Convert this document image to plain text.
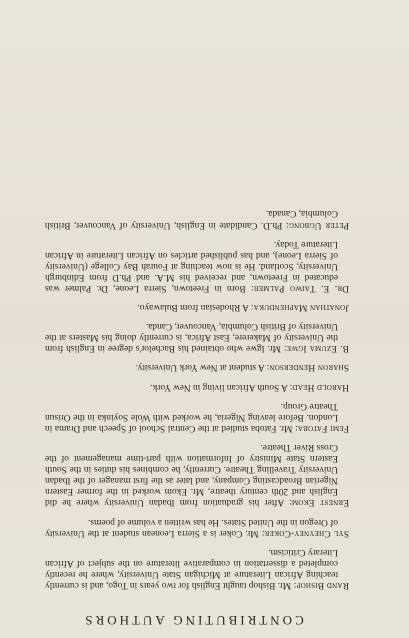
CONTRIBUTING AUTHORS

Rand Bishop: Mr. Bishop taught English for two years in Togo, and is currently teaching African Literature at Michigan State University, where he recently completed a dissertation in comparative literature on the subject of African Literary Criticism.

Syl Cheyney-Coker: Mr. Coker is a Sierra Leonean student at the University of Oregon in the United States. He has written a volume of poems.

Ernest Ekom: After his graduation from Ibadan University where he did English and 20th century theatre, Mr. Ekom worked in the former Eastern Nigerian Broadcasting Company, and later as the first manager of the Ibadan University Travelling Theatre. Currently, he combines his duties in the South Eastern State Ministry of Information with part-time management of the Cross River Theatre.

Femi Fatoba: Mr. Fatoba studied at the Central School of Speech and Drama in London. Before leaving Nigeria, he worked with Wole Soyinka in the Orisun Theatre Group.

Harold Head: A South African living in New York.

Sharon Henderson: A student at New York University.

B. Ezuma Igwe: Mr. Igwe who obtained his Bachelor's degree in English from the University of Makerere, East Africa, is currently doing his Masters at the University of British Columbia, Vancouver, Canda.

Jonathan Maphenduka: A Rhodesian from Bulawayo.

Dr. E. Taiwo Palmer: Born in Freetown, Sierra Leone, Dr. Palmer was educated in Freetown, and received his M.A. and Ph.D from Edinburgh University, Scotland. He is now teaching at Fourah Bay College (University of Sierra Leone), and has published articles on African Literature in African Literature Today.

Peter Ugbong: Ph.D. Candidate in English, University of Vancouver, British Columbia, Canada.
